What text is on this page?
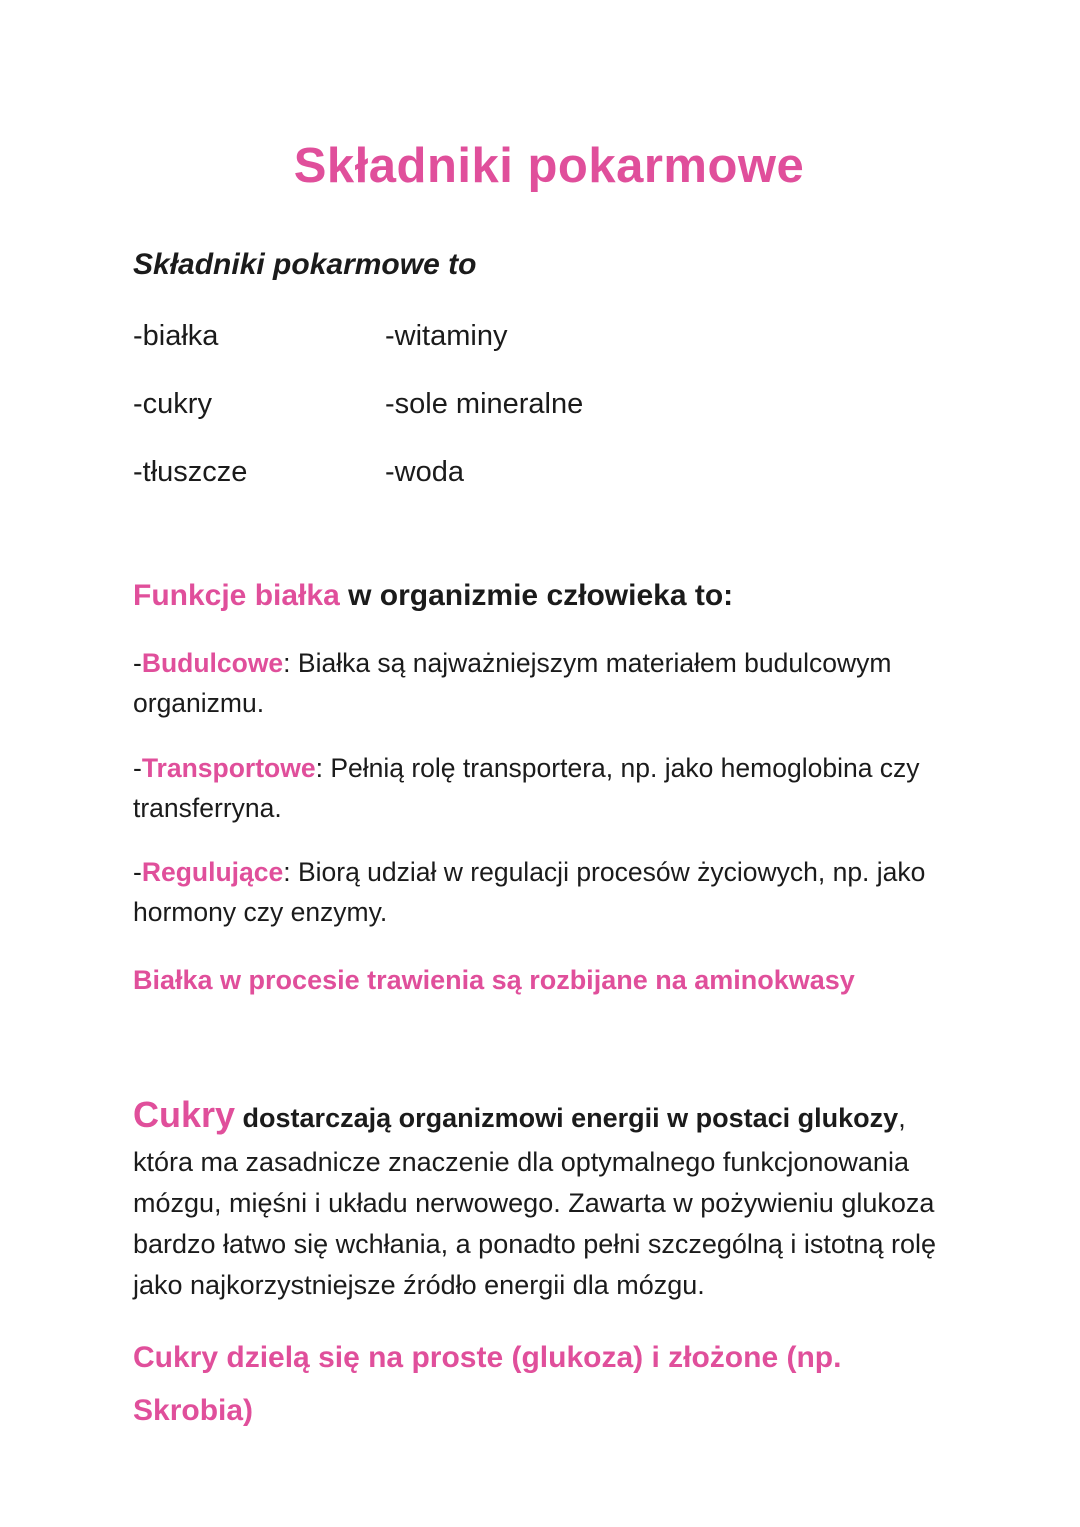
Składniki pokarmowe
Składniki pokarmowe to
-białka	-witaminy
-cukry	-sole mineralne
-tłuszcze	-woda
Funkcje białka w organizmie człowieka to:

-Budulcowe: Białka są najważniejszym materiałem budulcowym organizmu.

-Transportowe: Pełnią rolę transportera, np. jako hemoglobina czy transferryna.

-Regulujące: Biorą udział w regulacji procesów życiowych, np. jako hormony czy enzymy.

Białka w procesie trawienia są rozbijane na aminokwasy

Cukry dostarczają organizmowi energii w postaci glukozy, która ma zasadnicze znaczenie dla optymalnego funkcjonowania mózgu, mięśni i układu nerwowego. Zawarta w pożywieniu glukoza bardzo łatwo się wchłania, a ponadto pełni szczególną i istotną rolę jako najkorzystniejsze źródło energii dla mózgu.

Cukry dzielą się na proste (glukoza) i złożone (np. Skrobia)
